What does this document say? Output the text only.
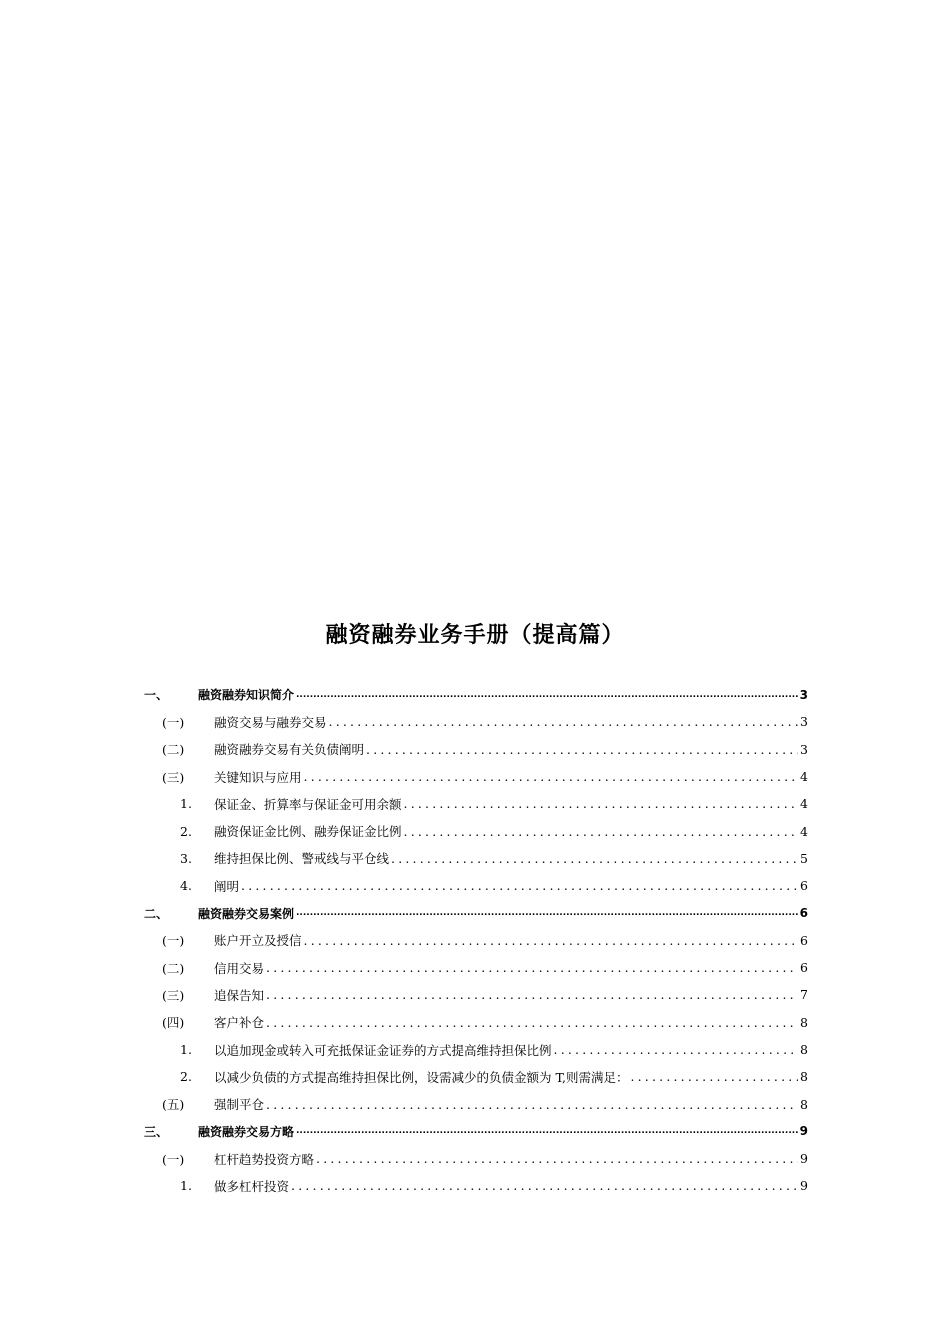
融资融券业务手册（提高篇）
一、	融资融券知识简介 .....	3
(一)	融资交易与融券交易 .....	3
(二)	融资融券交易有关负债阐明 .....	3
(三)	关键知识与应用 .....	4
1.	保证金、折算率与保证金可用余额 .....	4
2.	融资保证金比例、融券保证金比例 .....	4
3.	维持担保比例、警戒线与平仓线 .....	5
4.	阐明 .....	6
二、	融资融券交易案例 .....	6
(一)	账户开立及授信 .....	6
(二)	信用交易 .....	6
(三)	追保告知 .....	7
(四)	客户补仓 .....	8
1.	以追加现金或转入可充抵保证金证券的方式提高维持担保比例 .....	8
2.	以减少负债的方式提高维持担保比例，设需减少的负债金额为 T,则需满足： .....	8
(五)	强制平仓 .....	8
三、	融资融券交易方略 .....	9
(一)	杠杆趋势投资方略 .....	9
1.	做多杠杆投资 .....	9
